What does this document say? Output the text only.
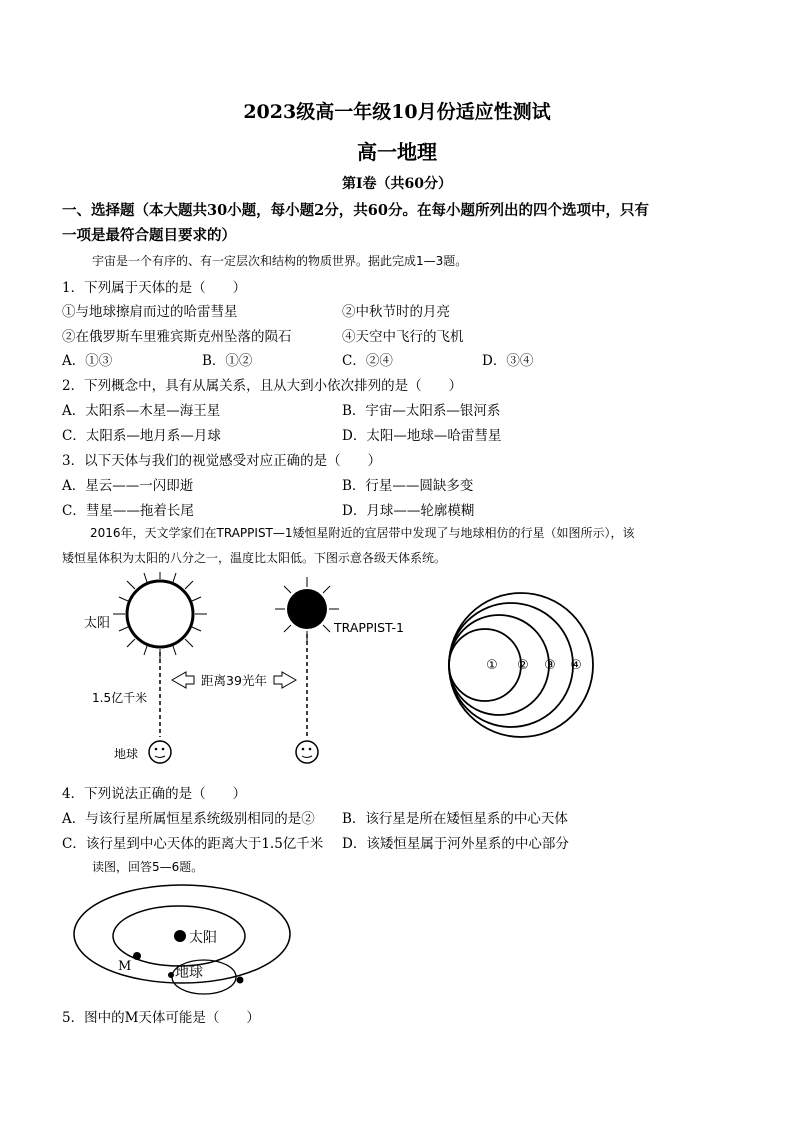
2023级高一年级10月份适应性测试
高一地理
第Ⅰ卷（共60分）
一、选择题（本大题共30小题，每小题2分，共60分。在每小题所列出的四个选项中，只有
一项是最符合题目要求的）
宇宙是一个有序的、有一定层次和结构的物质世界。据此完成1—3题。
1．下列属于天体的是（　　）
①与地球擦肩而过的哈雷彗星	②中秋节时的月亮
②在俄罗斯车里雅宾斯克州坠落的陨石	④天空中飞行的飞机
A．①③	B．①②	C．②④	D．③④
2．下列概念中，具有从属关系，且从大到小依次排列的是（　　）
A．太阳系—木星—海王星	B．宇宙—太阳系—银河系
C．太阳系—地月系—月球	D．太阳—地球—哈雷彗星
3．以下天体与我们的视觉感受对应正确的是（　　）
A．星云——一闪即逝	B．行星——圆缺多变
C．彗星——拖着长尾	D．月球——轮廓模糊
2016年，天文学家们在TRAPPIST—1矮恒星附近的宜居带中发现了与地球相仿的行星（如图所示），该
矮恒星体积为太阳的八分之一，温度比太阳低。下图示意各级天体系统。
太阳
1.5亿千米
地球
TRAPPIST-1
距离39光年
① ② ③ ④
4．下列说法正确的是（　　）
A．与该行星所属恒星系统级别相同的是② B．该行星是所在矮恒星系的中心天体
C．该行星到中心天体的距离大于1.5亿千米 D．该矮恒星属于河外星系的中心部分
读图，回答5—6题。
太阳
M	地球
5．图中的M天体可能是（　　）
